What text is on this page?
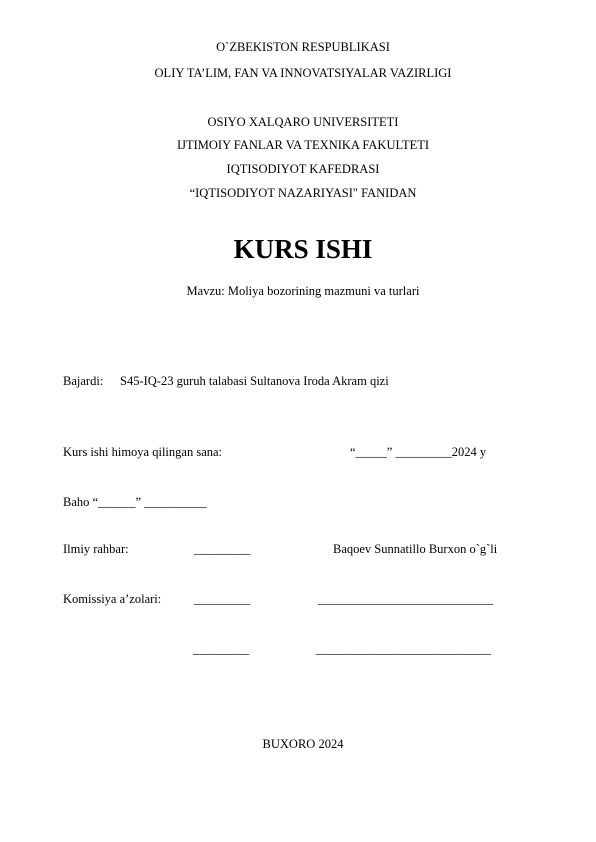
O`ZBEKISTON RESPUBLIKASI
OLIY TA’LIM, FAN VA INNOVATSIYALAR VAZIRLIGI
OSIYO XALQARO UNIVERSITETI
IJTIMOIY FANLAR VA TEXNIKA FAKULTETI
IQTISODIYOT KAFEDRASI
“IQTISODIYOT NAZARIYASI" FANIDAN
KURS ISHI
Mavzu: Moliya bozorining mazmuni va turlari
Bajardi: S45-IQ-23 guruh talabasi Sultanova Iroda Akram qizi
Kurs ishi himoya qilingan sana:	“_____” _________2024 y
Baho “______” __________
Ilmiy rahbar:	_________	Baqoev Sunnatillo Burxon o`g`li
Komissiya a’zolari:	_________	____________________________
_________	____________________________
BUXORO 2024
